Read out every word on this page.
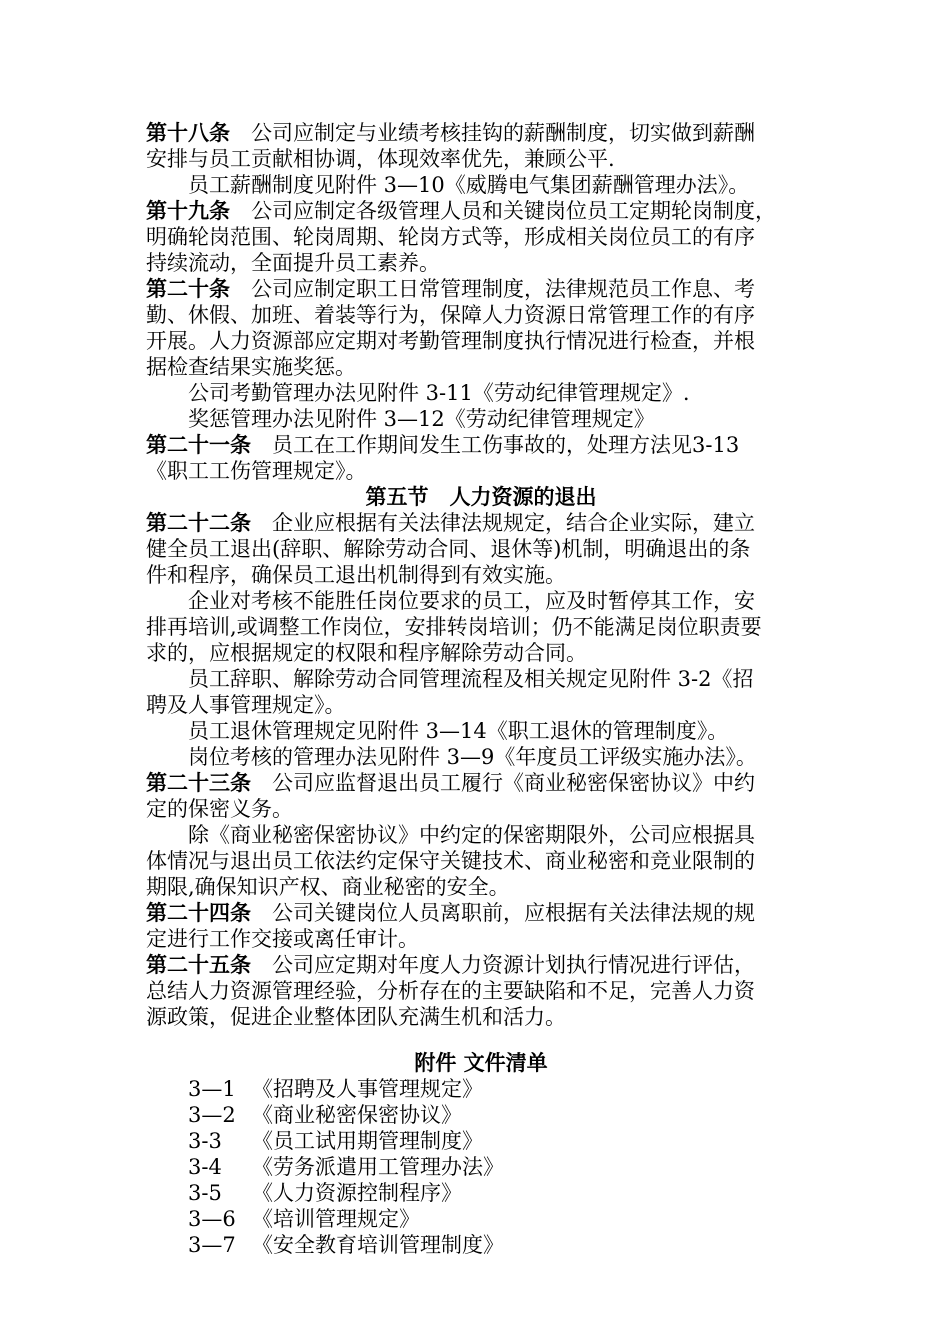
第十八条　 公司应制定与业绩考核挂钩的薪酬制度，切实做到薪酬
安排与员工贡献相协调，体现效率优先，兼顾公平.
员工薪酬制度见附件 3—10《威腾电气集团薪酬管理办法》。
第十九条　 公司应制定各级管理人员和关键岗位员工定期轮岗制度，
明确轮岗范围、轮岗周期、轮岗方式等，形成相关岗位员工的有序
持续流动，全面提升员工素养。
第二十条　 公司应制定职工日常管理制度，法律规范员工作息、考
勤、休假、加班、着装等行为，保障人力资源日常管理工作的有序
开展。人力资源部应定期对考勤管理制度执行情况进行检查，并根
据检查结果实施奖惩。
公司考勤管理办法见附件 3-11《劳动纪律管理规定》.
奖惩管理办法见附件 3—12《劳动纪律管理规定》
第二十一条　 员工在工作期间发生工伤事故的，处理方法见3-13
《职工工伤管理规定》。
第五节　人力资源的退出
第二十二条　 企业应根据有关法律法规规定，结合企业实际，建立
健全员工退出(辞职、解除劳动合同、退休等)机制，明确退出的条
件和程序，确保员工退出机制得到有效实施。
企业对考核不能胜任岗位要求的员工，应及时暂停其工作，安
排再培训,或调整工作岗位，安排转岗培训；仍不能满足岗位职责要
求的，应根据规定的权限和程序解除劳动合同。
员工辞职、解除劳动合同管理流程及相关规定见附件 3-2《招
聘及人事管理规定》。
员工退休管理规定见附件 3—14《职工退休的管理制度》。
岗位考核的管理办法见附件 3—9《年度员工评级实施办法》。
第二十三条　 公司应监督退出员工履行《商业秘密保密协议》中约
定的保密义务。
除《商业秘密保密协议》中约定的保密期限外，公司应根据具
体情况与退出员工依法约定保守关键技术、商业秘密和竞业限制的
期限,确保知识产权、商业秘密的安全。
第二十四条　 公司关键岗位人员离职前，应根据有关法律法规的规
定进行工作交接或离任审计。
第二十五条　 公司应定期对年度人力资源计划执行情况进行评估，
总结人力资源管理经验，分析存在的主要缺陷和不足，完善人力资
源政策，促进企业整体团队充满生机和活力。
附件 文件清单
3—1 《招聘及人事管理规定》
3—2 《商业秘密保密协议》
3-3 《员工试用期管理制度》
3-4 《劳务派遣用工管理办法》
3-5 《人力资源控制程序》
3—6 《培训管理规定》
3—7 《安全教育培训管理制度》
